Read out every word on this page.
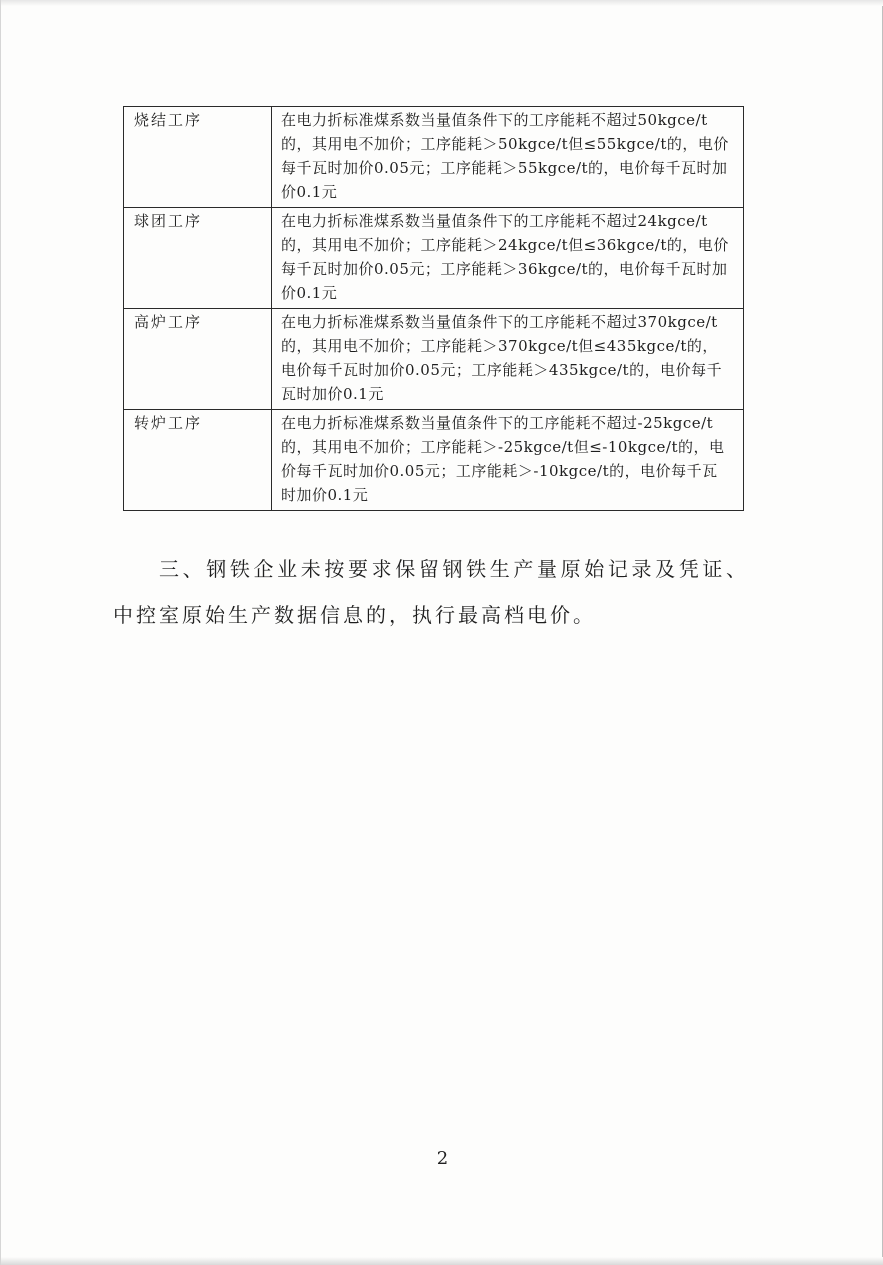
烧结工序	在电力折标准煤系数当量值条件下的工序能耗不超过50kgce/t的，其用电不加价；工序能耗＞50kgce/t但≤55kgce/t的，电价每千瓦时加价0.05元；工序能耗＞55kgce/t的，电价每千瓦时加价0.1元
球团工序	在电力折标准煤系数当量值条件下的工序能耗不超过24kgce/t的，其用电不加价；工序能耗＞24kgce/t但≤36kgce/t的，电价每千瓦时加价0.05元；工序能耗＞36kgce/t的，电价每千瓦时加价0.1元
高炉工序	在电力折标准煤系数当量值条件下的工序能耗不超过370kgce/t的，其用电不加价；工序能耗＞370kgce/t但≤435kgce/t的，电价每千瓦时加价0.05元；工序能耗＞435kgce/t的，电价每千瓦时加价0.1元
转炉工序	在电力折标准煤系数当量值条件下的工序能耗不超过-25kgce/t的，其用电不加价；工序能耗＞-25kgce/t但≤-10kgce/t的，电价每千瓦时加价0.05元；工序能耗＞-10kgce/t的，电价每千瓦时加价0.1元

三、钢铁企业未按要求保留钢铁生产量原始记录及凭证、中控室原始生产数据信息的，执行最高档电价。

2
